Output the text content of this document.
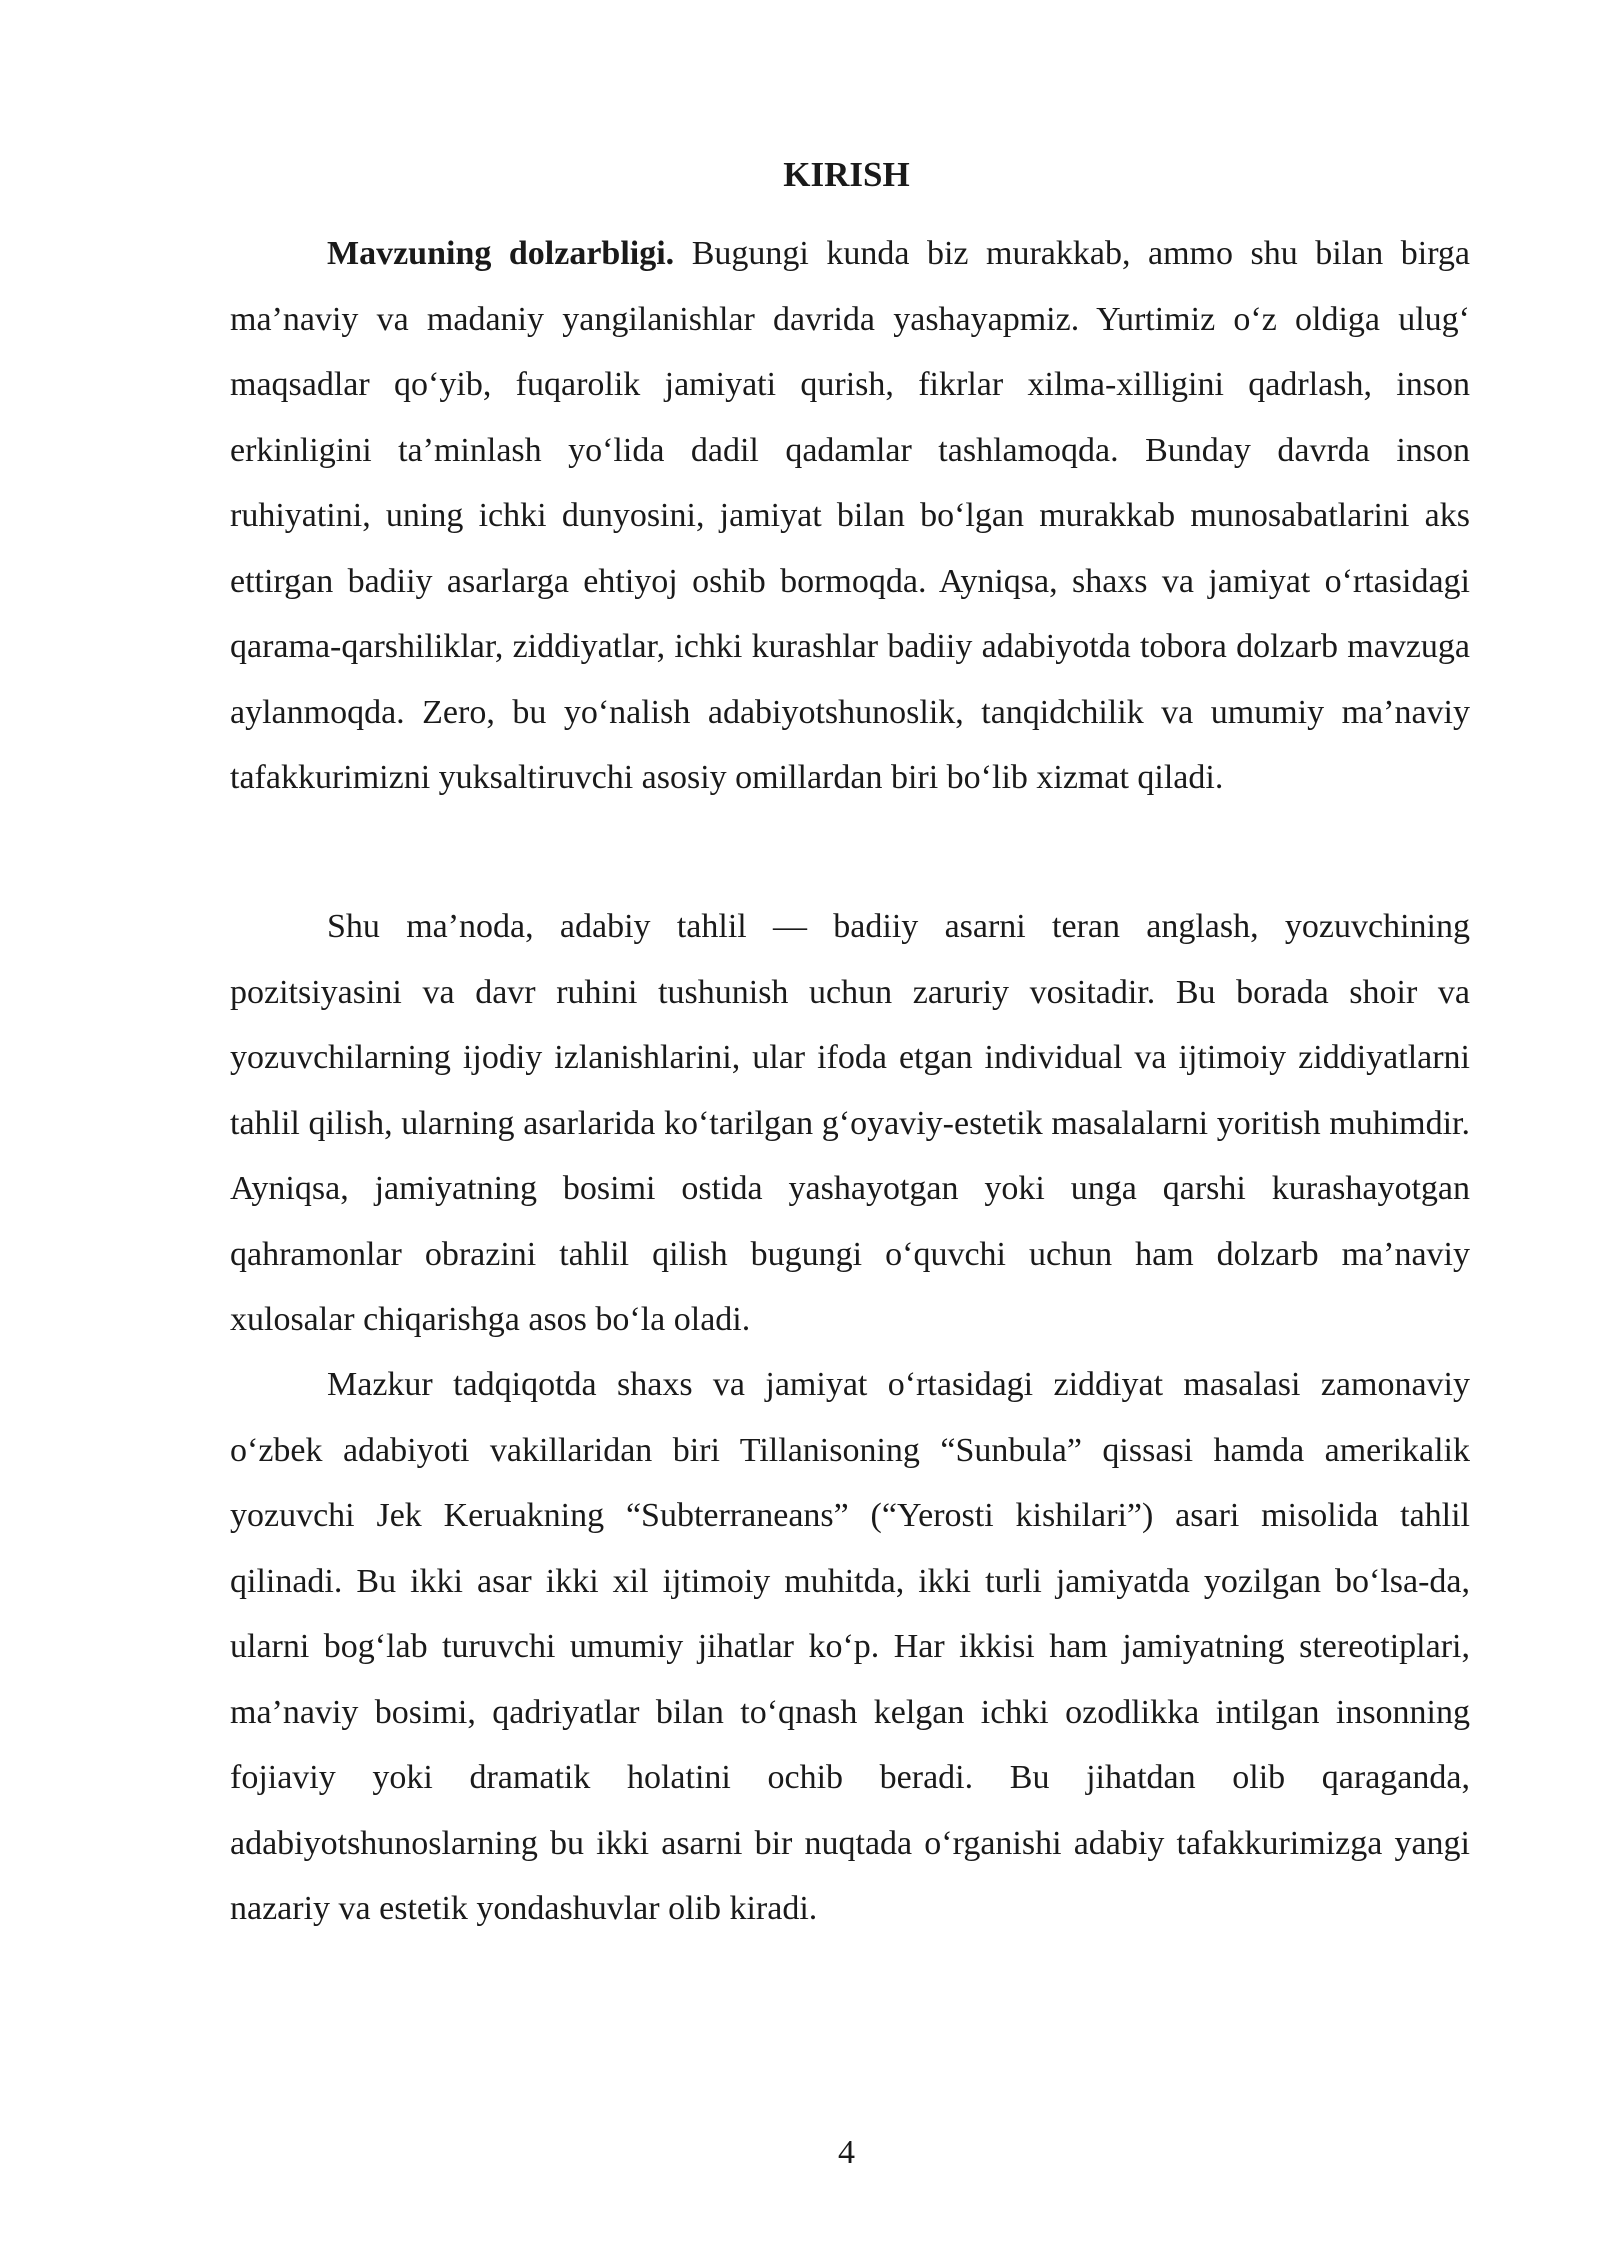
KIRISH

Mavzuning dolzarbligi. Bugungi kunda biz murakkab, ammo shu bilan birga ma’naviy va madaniy yangilanishlar davrida yashayapmiz. Yurtimiz o‘z oldiga ulug‘ maqsadlar qo‘yib, fuqarolik jamiyati qurish, fikrlar xilma-xilligini qadrlash, inson erkinligini ta’minlash yo‘lida dadil qadamlar tashlamoqda. Bunday davrda inson ruhiyatini, uning ichki dunyosini, jamiyat bilan bo‘lgan murakkab munosabatlarini aks ettirgan badiiy asarlarga ehtiyoj oshib bormoqda. Ayniqsa, shaxs va jamiyat o‘rtasidagi qarama-qarshiliklar, ziddiyatlar, ichki kurashlar badiiy adabiyotda tobora dolzarb mavzuga aylanmoqda. Zero, bu yo‘nalish adabiyotshunoslik, tanqidchilik va umumiy ma’naviy tafakkurimizni yuksaltiruvchi asosiy omillardan biri bo‘lib xizmat qiladi.

Shu ma’noda, adabiy tahlil — badiiy asarni teran anglash, yozuvchining pozitsiyasini va davr ruhini tushunish uchun zaruriy vositadir. Bu borada shoir va yozuvchilarning ijodiy izlanishlarini, ular ifoda etgan individual va ijtimoiy ziddiyatlarni tahlil qilish, ularning asarlarida ko‘tarilgan g‘oyaviy-estetik masalalarni yoritish muhimdir. Ayniqsa, jamiyatning bosimi ostida yashayotgan yoki unga qarshi kurashayotgan qahramonlar obrazini tahlil qilish bugungi o‘quvchi uchun ham dolzarb ma’naviy xulosalar chiqarishga asos bo‘la oladi.

Mazkur tadqiqotda shaxs va jamiyat o‘rtasidagi ziddiyat masalasi zamonaviy o‘zbek adabiyoti vakillaridan biri Tillanisoning “Sunbula” qissasi hamda amerikalik yozuvchi Jek Keruakning “Subterraneans” (“Yerosti kishilari”) asari misolida tahlil qilinadi. Bu ikki asar ikki xil ijtimoiy muhitda, ikki turli jamiyatda yozilgan bo‘lsa-da, ularni bog‘lab turuvchi umumiy jihatlar ko‘p. Har ikkisi ham jamiyatning stereotiplari, ma’naviy bosimi, qadriyatlar bilan to‘qnash kelgan ichki ozodlikka intilgan insonning fojiaviy yoki dramatik holatini ochib beradi. Bu jihatdan olib qaraganda, adabiyotshunoslarning bu ikki asarni bir nuqtada o‘rganishi adabiy tafakkurimizga yangi nazariy va estetik yondashuvlar olib kiradi.

4
